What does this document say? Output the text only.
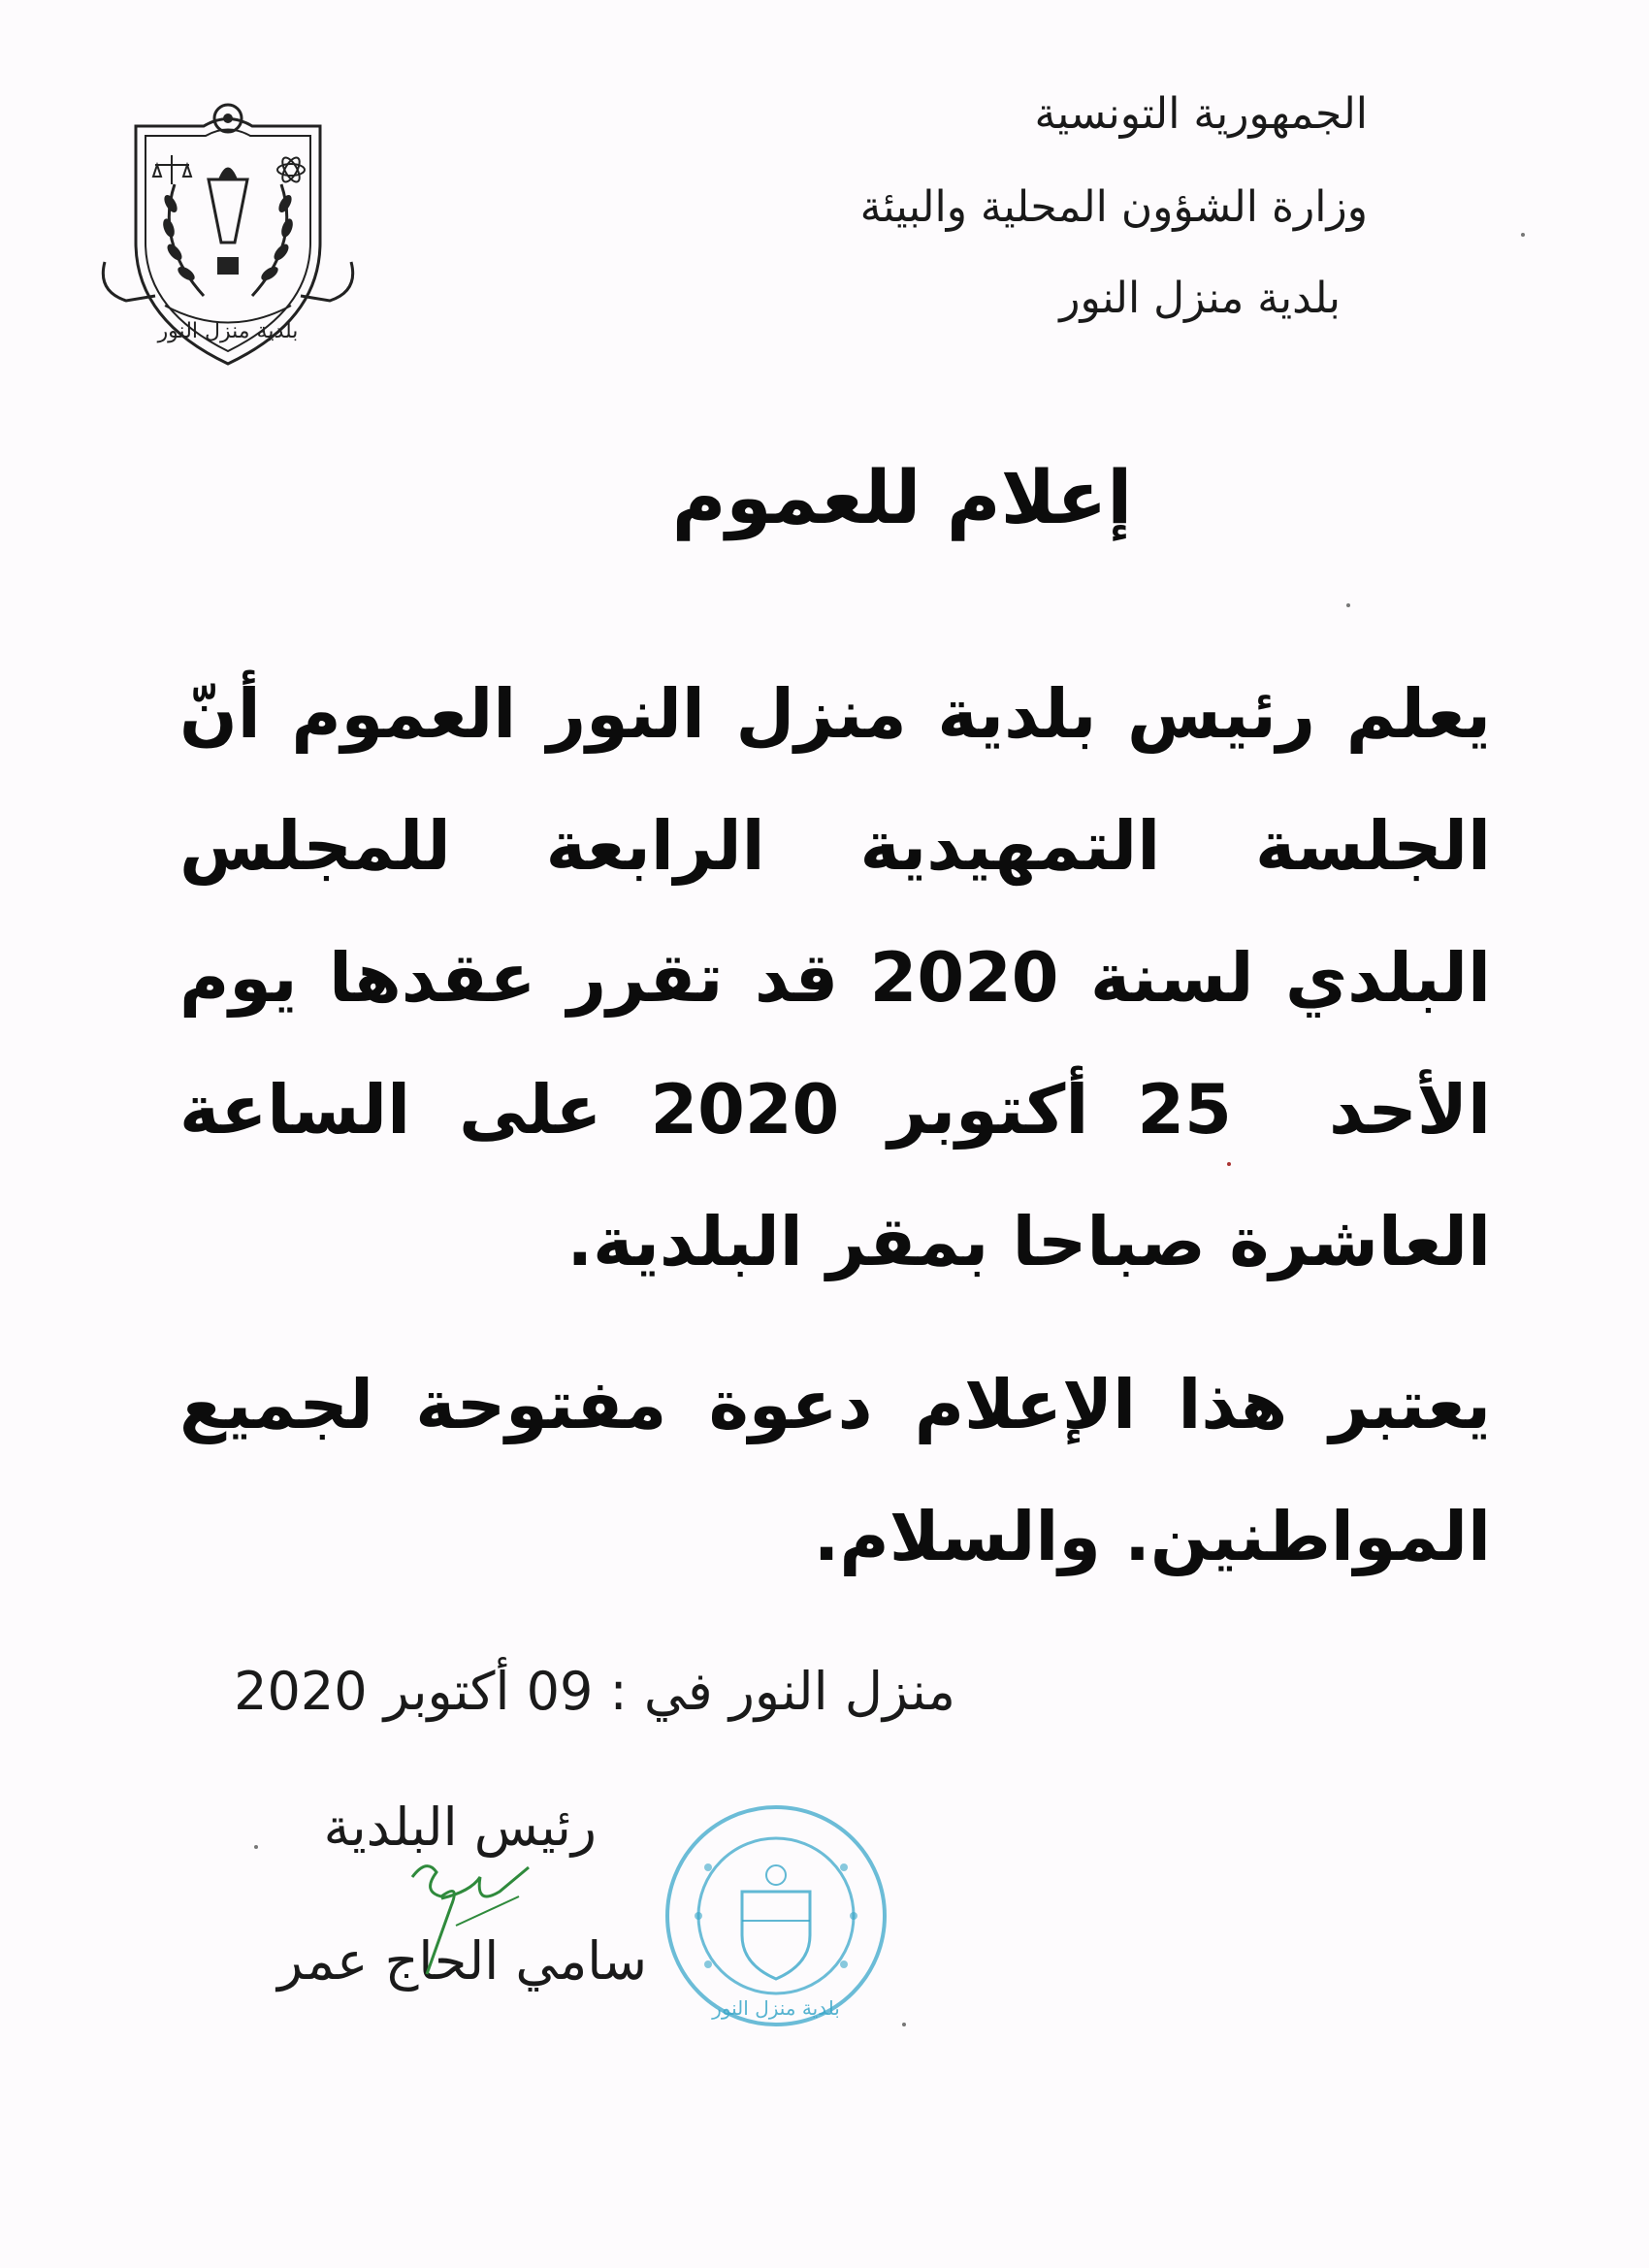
الجمهورية التونسية
وزارة الشؤون المحلية والبيئة
بلدية منزل النور
بلدية منزل النور
إعلام للعموم
يعلم رئيس بلدية منزل النور العموم أنّ
الجلسة التمهيدية الرابعة للمجلس
البلدي لسنة 2020 قد تقرر عقدها يوم
الأحد  25 أكتوبر 2020 على الساعة
العاشرة صباحا بمقر البلدية.
يعتبر هذا الإعلام دعوة مفتوحة لجميع
المواطنين. والسلام.
منزل النور في : 09 أكتوبر 2020
رئيس البلدية
سامي الحاج عمر
بلدية منزل النور
